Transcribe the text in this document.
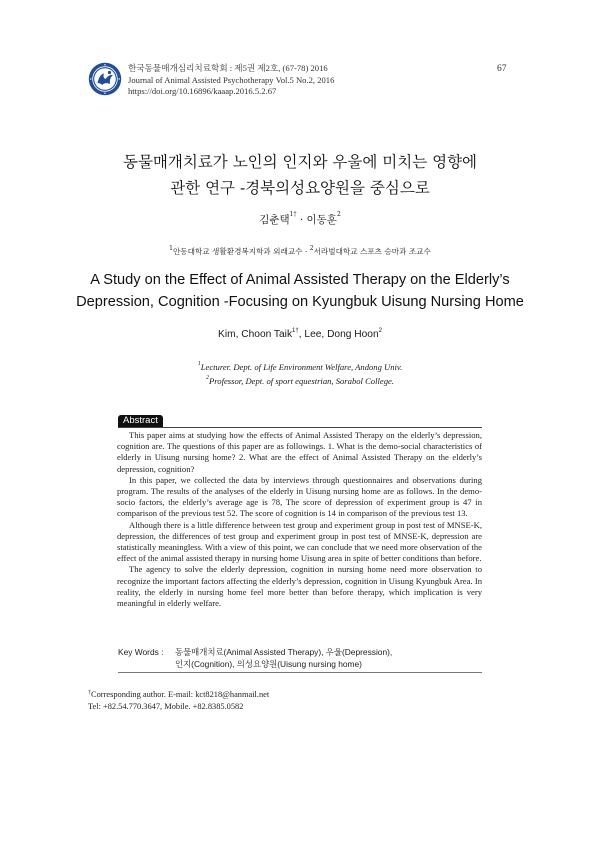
한국동물매개심리치료학회 : 제5권 제2호, (67-78) 2016
Journal of Animal Assisted Psychotherapy Vol.5 No.2, 2016
https://doi.org/10.16896/kaaap.2016.5.2.67
67
동물매개치료가 노인의 인지와 우울에 미치는 영향에
관한 연구 -경북의성요양원을 중심으로
김춘택$^{1\dagger}$ · 이동훈$^2$
$^1$안동대학교 생활환경복지학과 외래교수 · $^2$서라벌대학교 스포츠 승마과 조교수
A Study on the Effect of Animal Assisted Therapy on the Elderly’s
Depression, Cognition -Focusing on Kyungbuk Uisung Nursing Home
Kim, Choon Taik$^{1\dagger}$, Lee, Dong Hoon$^2$
$^1$Lecturer. Dept. of Life Environment Welfare, Andong Univ.
$^2$Professor, Dept. of sport equestrian, Sorabol College.
Abstract

This paper aims at studying how the effects of Animal Assisted Therapy on the elderly’s depression, cognition are. The questions of this paper are as followings. 1. What is the demo-social characteristics of elderly in Uisung nursing home? 2. What are the effect of Animal Assisted Therapy on the elderly’s depression, cognition?

In this paper, we collected the data by interviews through questionnaires and observations during program. The results of the analyses of the elderly in Uisung nursing home are as follows. In the demo-socio factors, the elderly’s average age is 78, The score of depression of experiment group is 47 in comparison of the previous test 52. The score of cognition is 14 in comparison of the previous test 13.

Although there is a little difference between test group and experiment group in post test of MNSE-K, depression, the differences of test group and experiment group in post test of MNSE-K, depression are statistically meaningless. With a view of this point, we can conclude that we need more observation of the effect of the animal assisted therapy in nursing home Uisung area in spite of better conditions than before.

The agency to solve the elderly depression, cognition in nursing home need more observation to recognize the important factors affecting the elderly’s depression, cognition in Uisung Kyungbuk Area. In reality, the elderly in nursing home feel more better than before therapy, which implication is very meaningful in elderly welfare.

Key Words : 동물매개치료(Animal Assisted Therapy), 우울(Depression),
인지(Cognition), 의성요양원(Uisung nursing home)
†Corresponding author. E-mail: kct8218@hanmail.net
Tel: +82.54.770.3647, Mobile. +82.8385.0582
